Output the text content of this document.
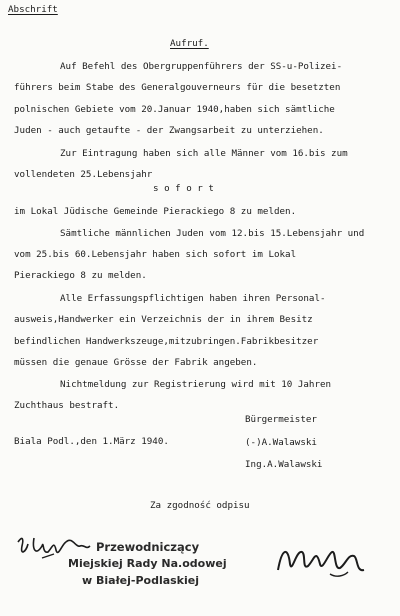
Abschrift
Aufruf.
Auf Befehl des Obergruppenführers der SS-u-Polizei-
führers beim Stabe des Generalgouverneurs für die besetzten
polnischen Gebiete vom 20.Januar 1940,haben sich sämtliche
Juden - auch getaufte - der Zwangsarbeit zu unterziehen.
Zur Eintragung haben sich alle Männer vom 16.bis zum
vollendeten 25.Lebensjahr
s o f o r t
im Lokal Jüdische Gemeinde Pierackiego 8 zu melden.
Sämtliche männlichen Juden vom 12.bis 15.Lebensjahr und
vom 25.bis 60.Lebensjahr haben sich sofort im Lokal
Pierackiego 8 zu melden.
Alle Erfassungspflichtigen haben ihren Personal-
ausweis,Handwerker ein Verzeichnis der in ihrem Besitz
befindlichen Handwerkszeuge,mitzubringen.Fabrikbesitzer
müssen die genaue Grösse der Fabrik angeben.
Nichtmeldung zur Registrierung wird mit 10 Jahren
Zuchthaus bestraft.
Bürgermeister
Biala Podl.,den 1.März 1940.	(-)A.Walawski
Ing.A.Walawski
Za zgodność odpisu
Przewodniczący
Miejskiej Rady Na.odowej
w Białej-Podlaskiej
